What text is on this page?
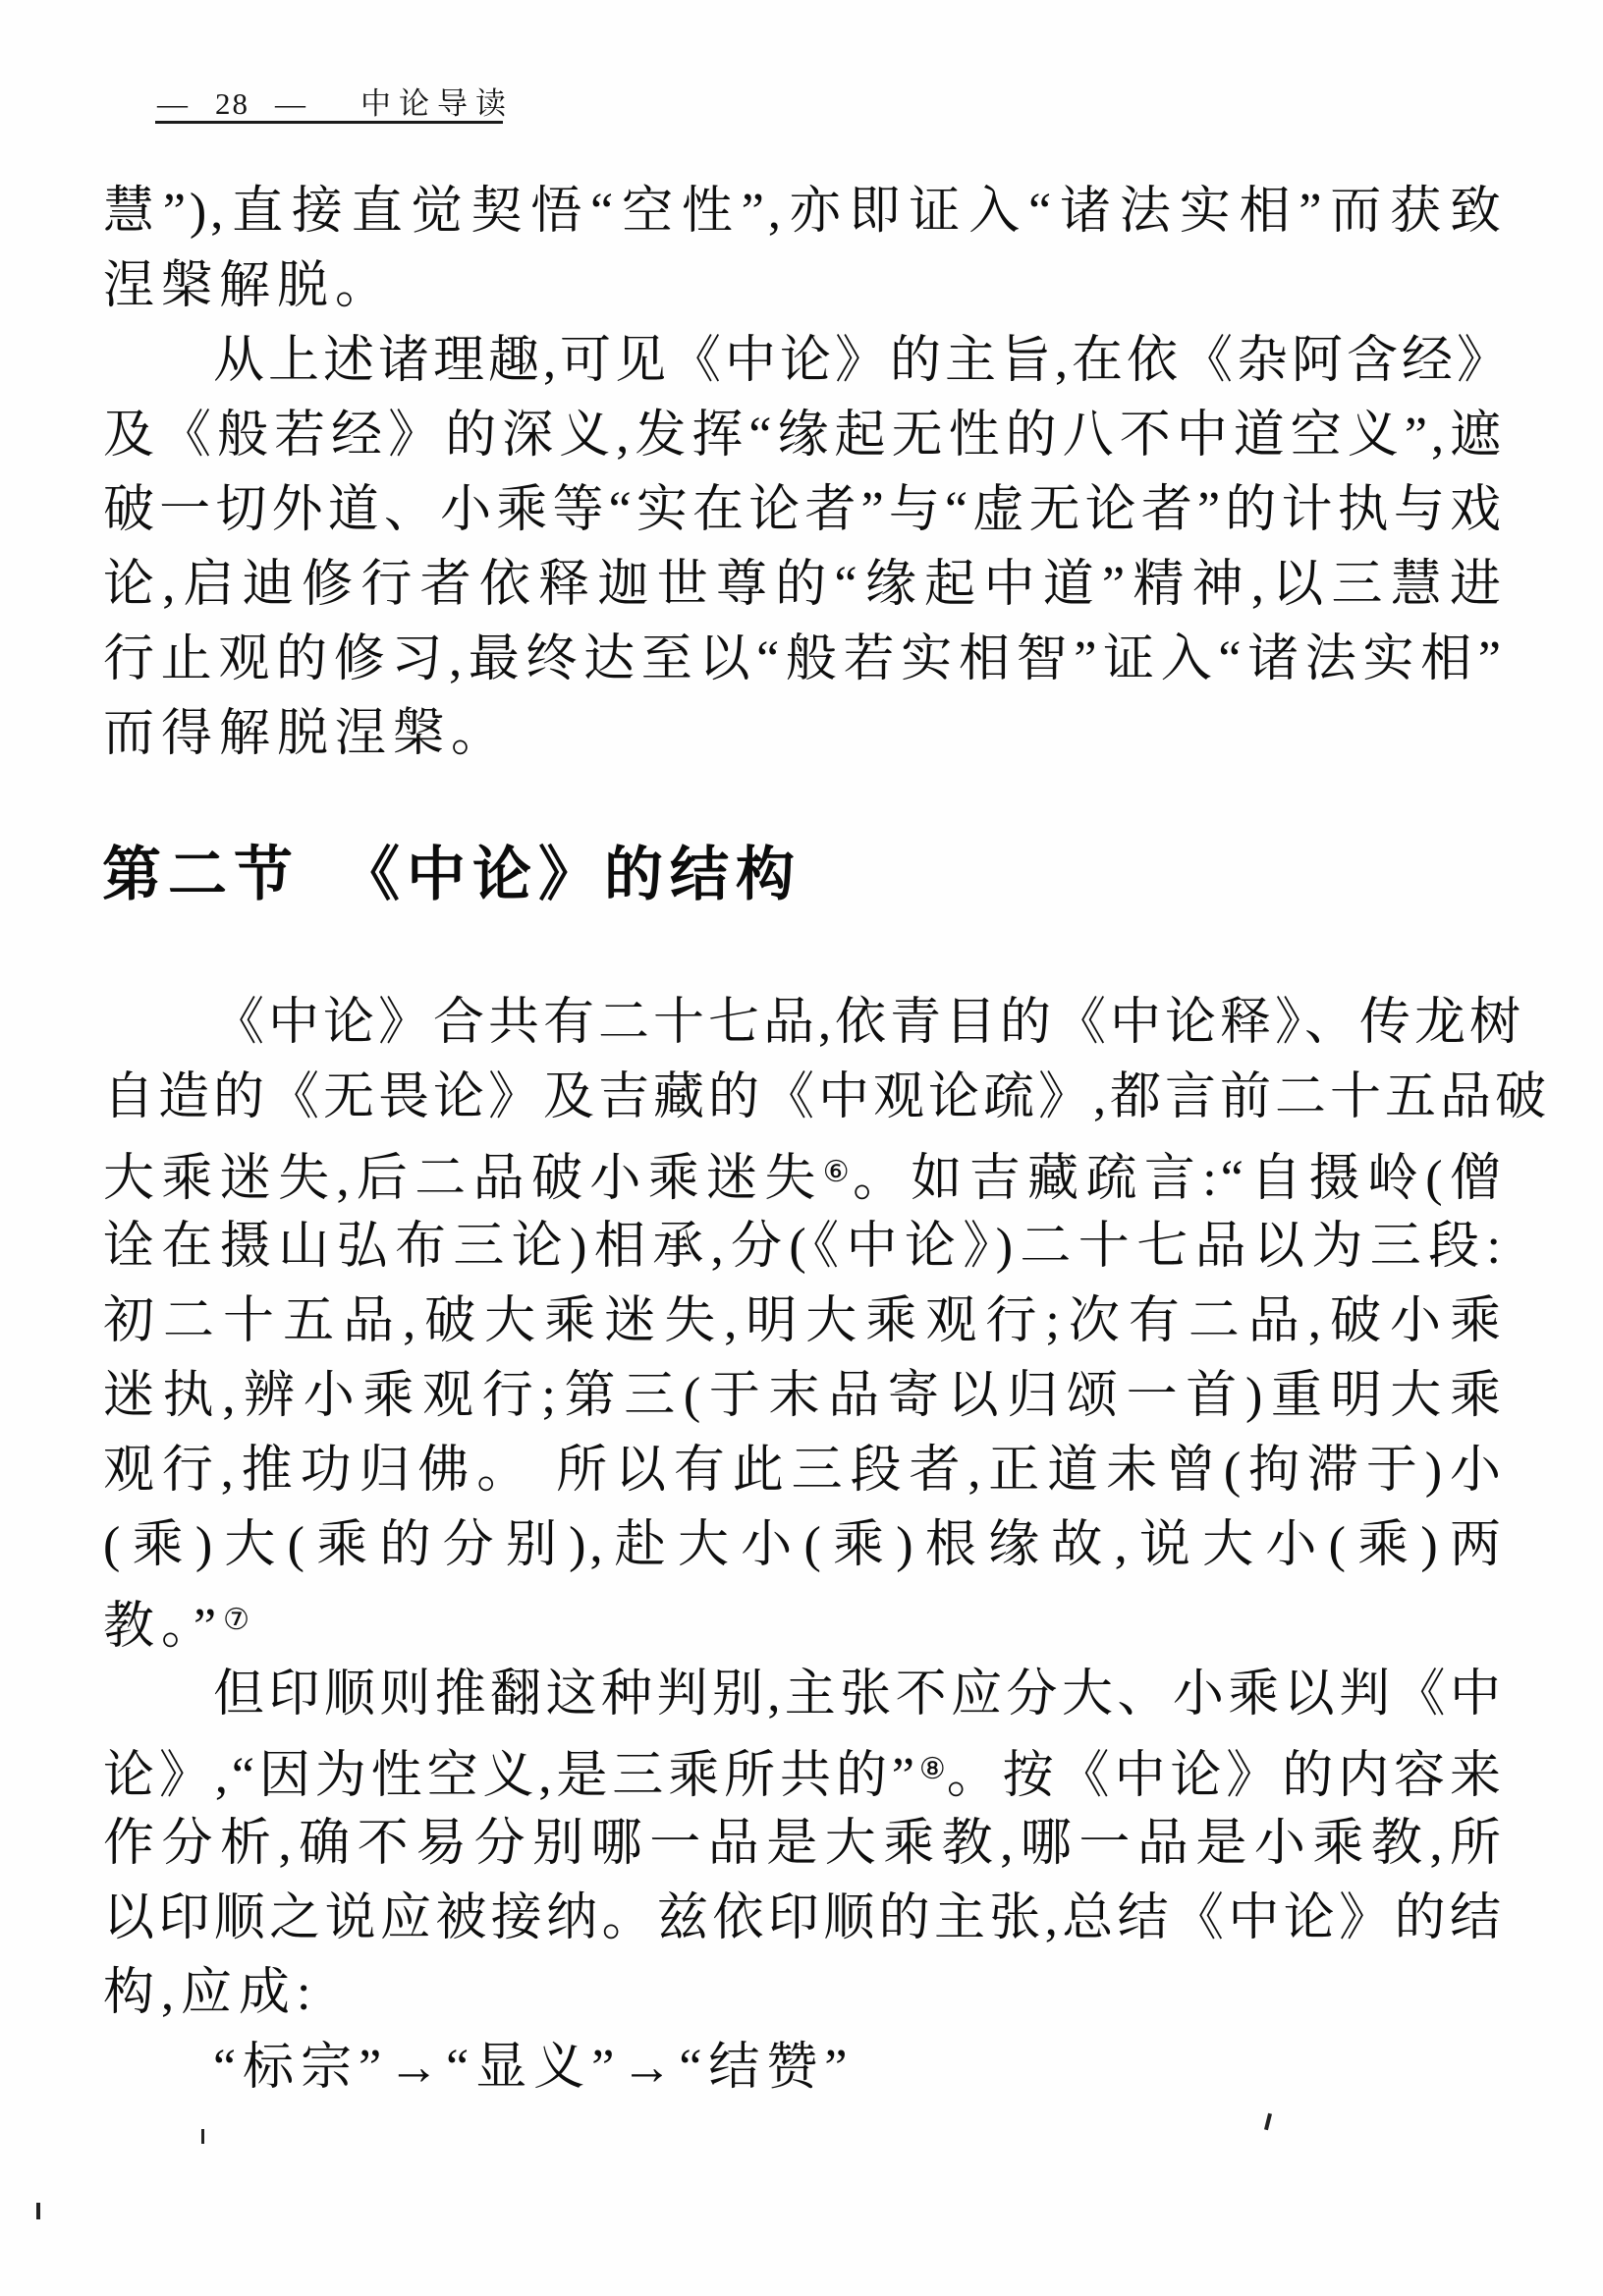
— 28 — 中论导读
慧”),直接直觉契悟“空性”,亦即证入“诸法实相”而获致
涅槃解脱。
从上述诸理趣,可见《中论》的主旨,在依《杂阿含经》
及《般若经》的深义,发挥“缘起无性的八不中道空义”,遮
破一切外道、小乘等“实在论者”与“虚无论者”的计执与戏
论,启迪修行者依释迦世尊的“缘起中道”精神,以三慧进
行止观的修习,最终达至以“般若实相智”证入“诸法实相”
而得解脱涅槃。
第二节 《中论》的结构
《中论》合共有二十七品,依青目的《中论释》、传龙树
自造的《无畏论》及吉藏的《中观论疏》,都言前二十五品破
大乘迷失,后二品破小乘迷失⑥。如吉藏疏言:“自摄岭(僧
诠在摄山弘布三论)相承,分(《中论》)二十七品以为三段:
初二十五品,破大乘迷失,明大乘观行;次有二品,破小乘
迷执,辨小乘观行;第三(于末品寄以归颂一首)重明大乘
观行,推功归佛。 所以有此三段者,正道未曾(拘滞于)小
(乘)大(乘的分别),赴大小(乘)根缘故,说大小(乘)两
教。”⑦
但印顺则推翻这种判别,主张不应分大、小乘以判《中
论》,“因为性空义,是三乘所共的”⑧。按《中论》的内容来
作分析,确不易分别哪一品是大乘教,哪一品是小乘教,所
以印顺之说应被接纳。兹依印顺的主张,总结《中论》的结
构,应成:
“标宗”→“显义”→“结赞”
